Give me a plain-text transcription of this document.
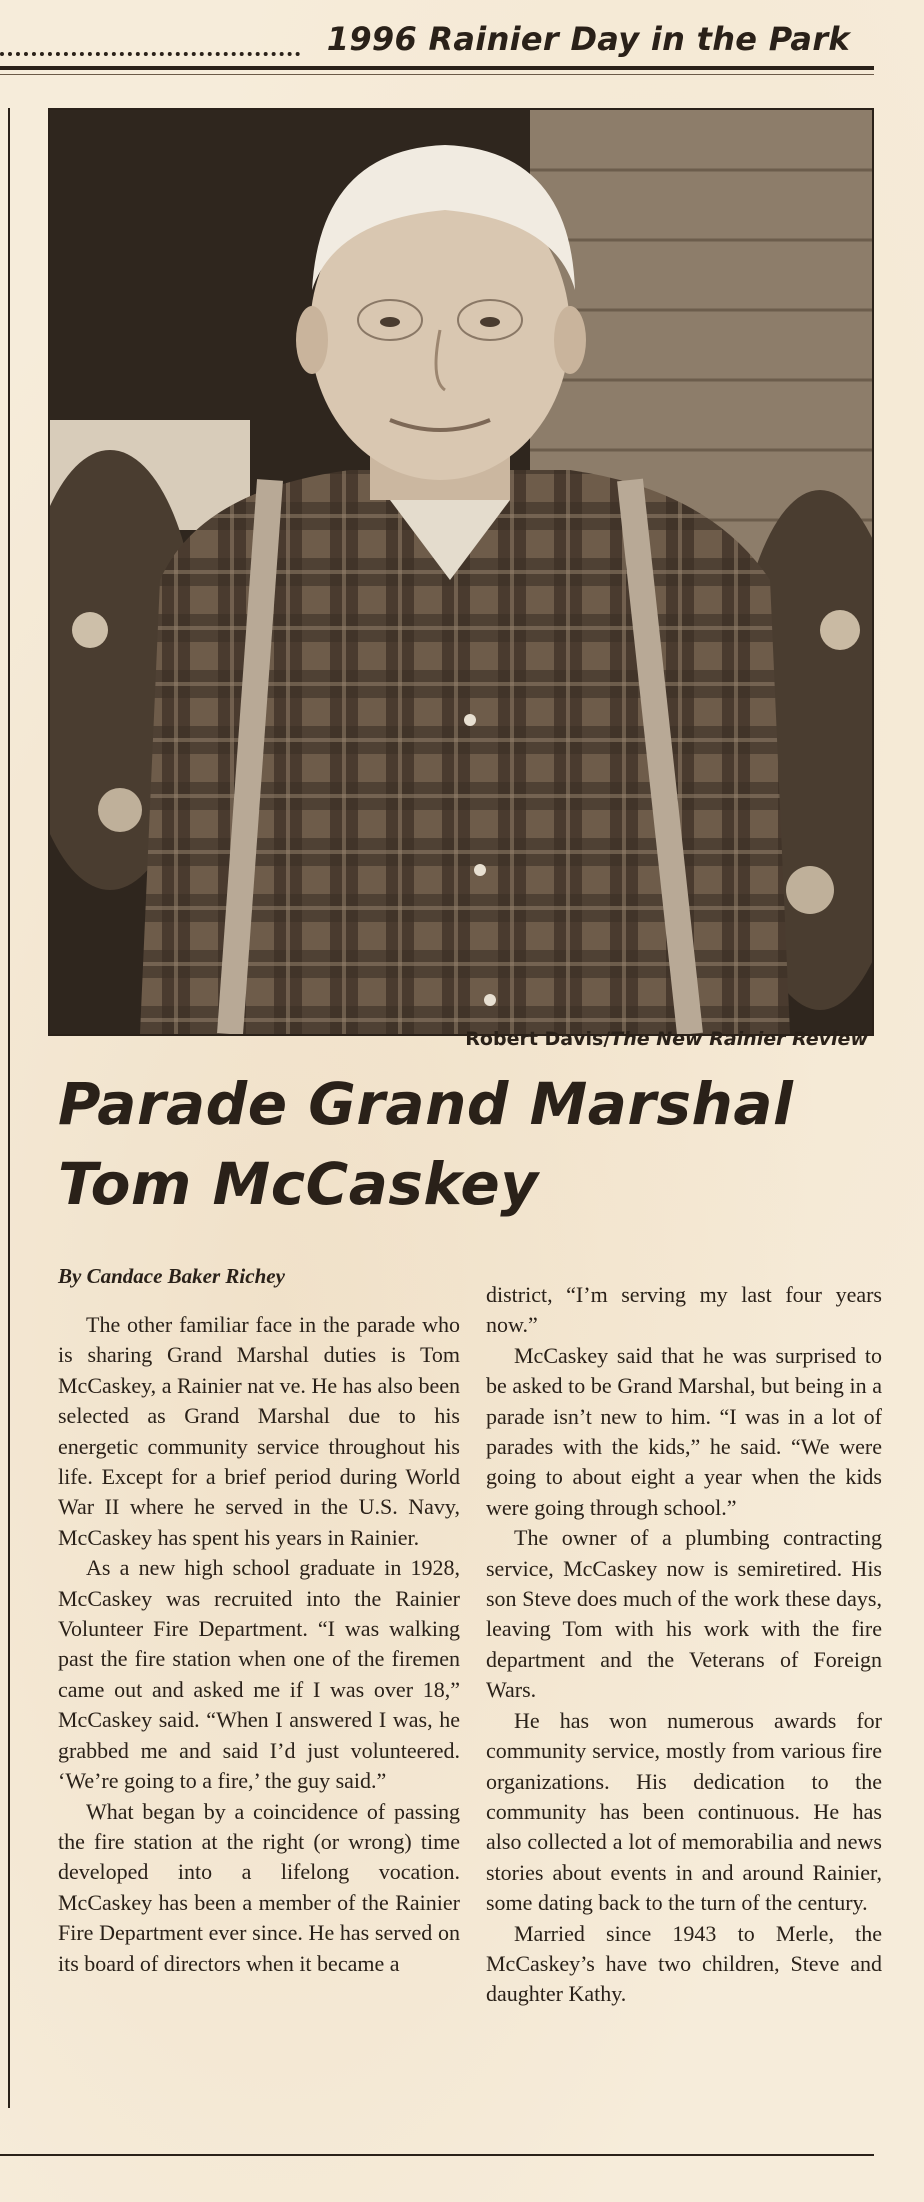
1996 Rainier Day in the Park
Robert Davis/The New Rainier Review
Parade Grand Marshal
Tom McCaskey
By Candace Baker Richey

The other familiar face in the parade who is sharing Grand Marshal duties is Tom McCaskey, a Rainier nat ve. He has also been selected as Grand Marshal due to his energetic community service throughout his life. Except for a brief period during World War II where he served in the U.S. Navy, McCaskey has spent his years in Rainier.

As a new high school graduate in 1928, McCaskey was recruited into the Rainier Volunteer Fire Department. “I was walking past the fire station when one of the firemen came out and asked me if I was over 18,” McCaskey said. “When I answered I was, he grabbed me and said I’d just volunteered. ‘We’re going to a fire,’ the guy said.”

What began by a coincidence of passing the fire station at the right (or wrong) time developed into a lifelong vocation. McCaskey has been a member of the Rainier Fire Department ever since. He has served on its board of directors when it became a

district, “I’m serving my last four years now.”

McCaskey said that he was surprised to be asked to be Grand Marshal, but being in a parade isn’t new to him. “I was in a lot of parades with the kids,” he said. “We were going to about eight a year when the kids were going through school.”

The owner of a plumbing contracting service, McCaskey now is semiretired. His son Steve does much of the work these days, leaving Tom with his work with the fire department and the Veterans of Foreign Wars.

He has won numerous awards for community service, mostly from various fire organizations. His dedication to the community has been continuous. He has also collected a lot of memorabilia and news stories about events in and around Rainier, some dating back to the turn of the century.

Married since 1943 to Merle, the McCaskey’s have two children, Steve and daughter Kathy.
